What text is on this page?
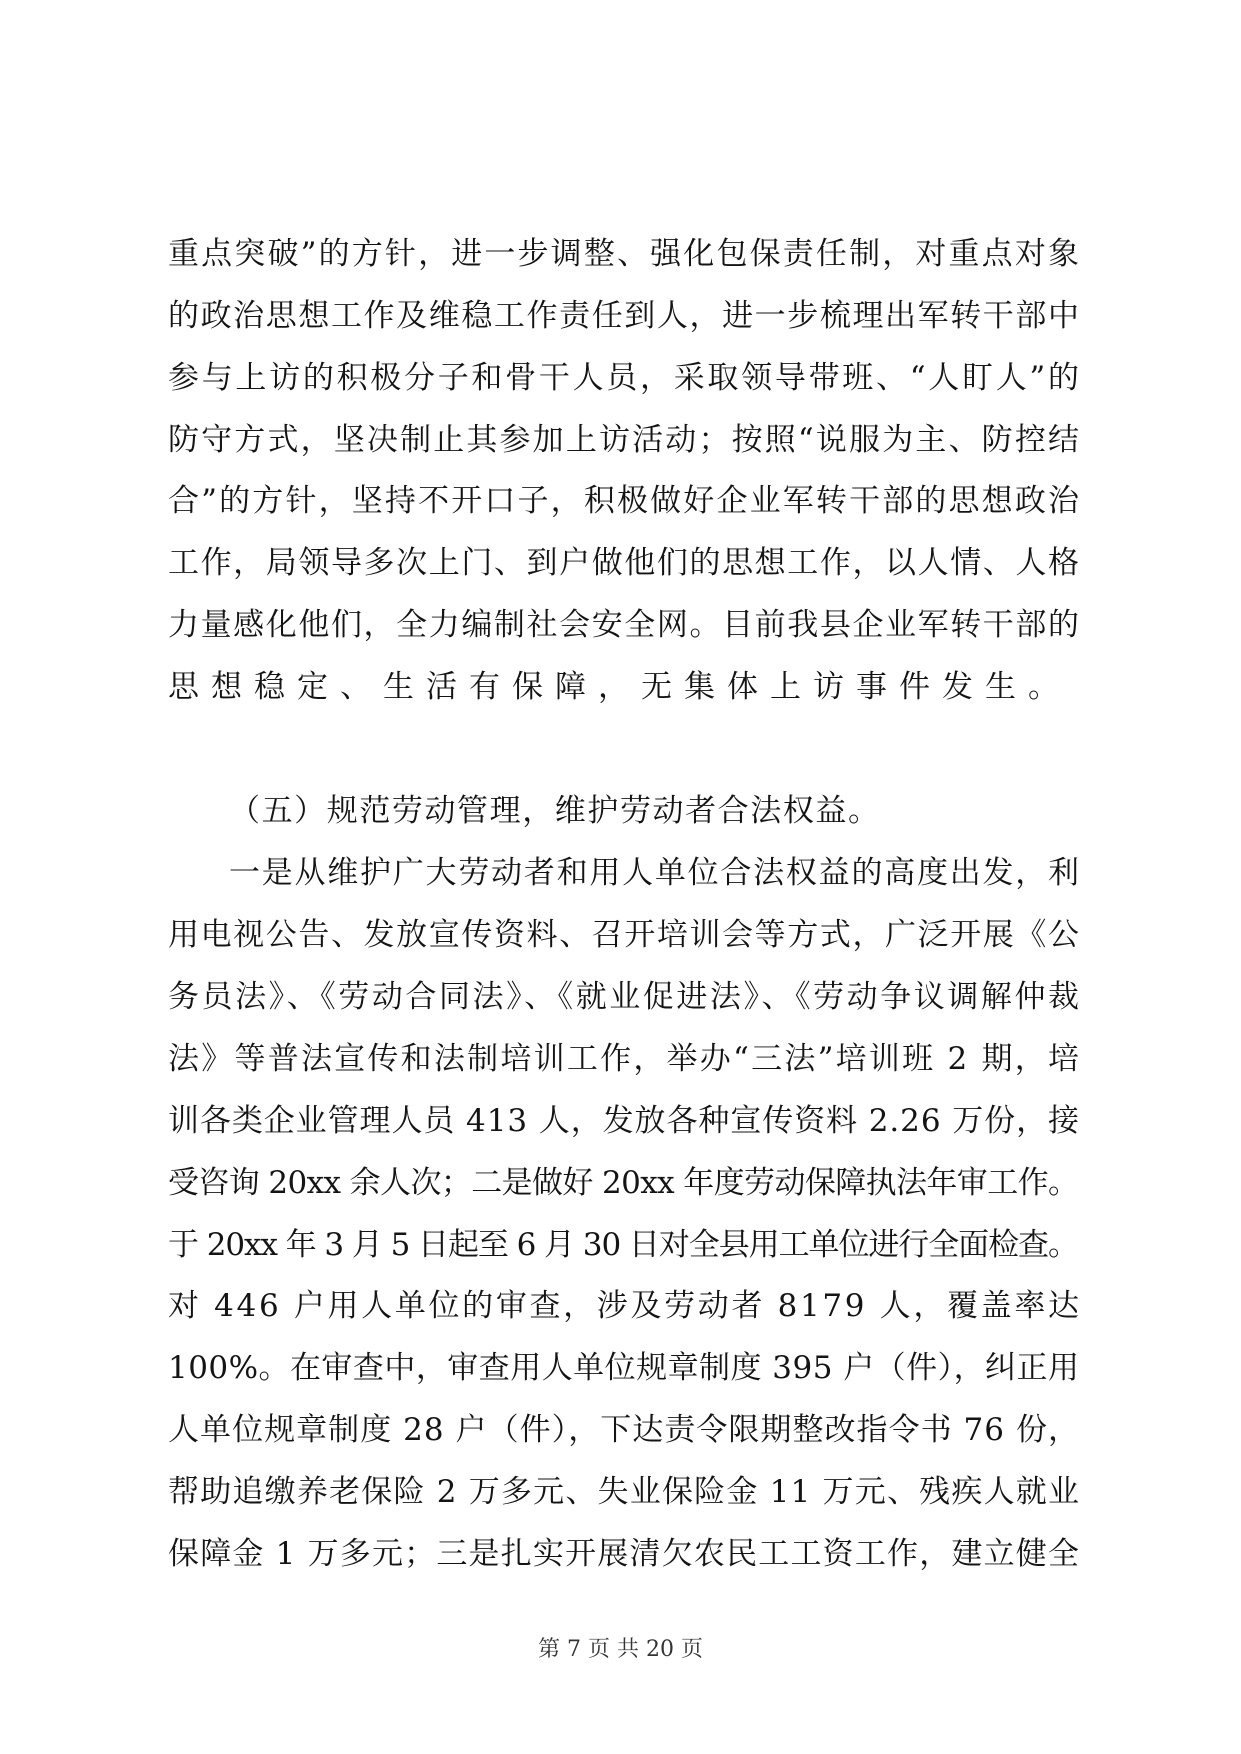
重点突破”的方针，进一步调整、强化包保责任制，对重点对象
的政治思想工作及维稳工作责任到人，进一步梳理出军转干部中
参与上访的积极分子和骨干人员，采取领导带班、“人盯人”的
防守方式，坚决制止其参加上访活动；按照“说服为主、防控结
合”的方针，坚持不开口子，积极做好企业军转干部的思想政治
工作，局领导多次上门、到户做他们的思想工作，以人情、人格
力量感化他们，全力编制社会安全网。目前我县企业军转干部的
思想稳定、生活有保障，无集体上访事件发生。
（五）规范劳动管理，维护劳动者合法权益。
一是从维护广大劳动者和用人单位合法权益的高度出发，利
用电视公告、发放宣传资料、召开培训会等方式，广泛开展《公
务员法》、《劳动合同法》、《就业促进法》、《劳动争议调解仲裁
法》等普法宣传和法制培训工作，举办“三法”培训班 2 期，培
训各类企业管理人员 413 人，发放各种宣传资料 2.26 万份，接
受咨询 20xx 余人次；二是做好 20xx 年度劳动保障执法年审工作。
于 20xx 年 3 月 5 日起至 6 月 30 日对全县用工单位进行全面检查。
对 446 户用人单位的审查，涉及劳动者 8179 人，覆盖率达
100%。在审查中，审查用人单位规章制度 395 户（件），纠正用
人单位规章制度 28 户（件），下达责令限期整改指令书 76 份，
帮助追缴养老保险 2 万多元、失业保险金 11 万元、残疾人就业
保障金 1 万多元；三是扎实开展清欠农民工工资工作，建立健全
第 7 页 共 20 页
